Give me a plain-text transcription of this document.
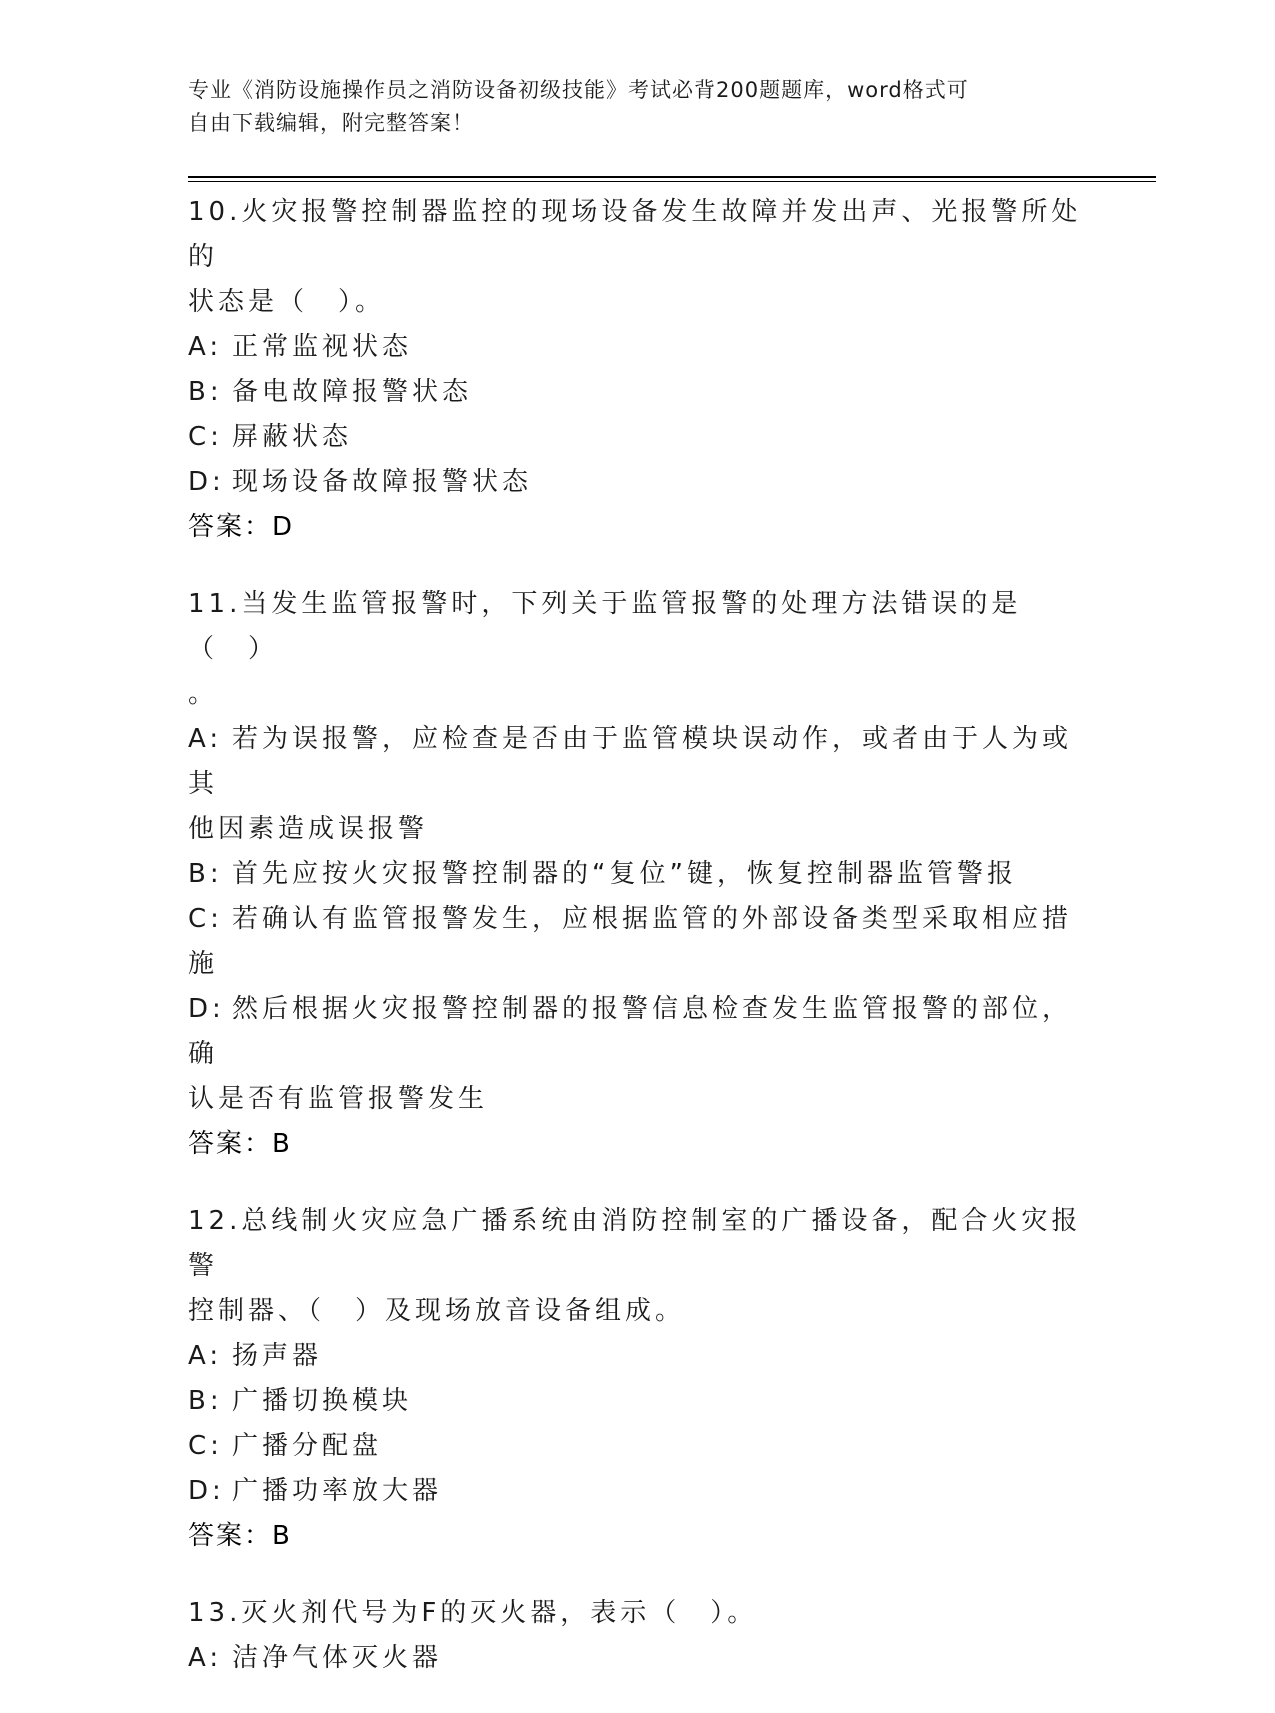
专业《消防设施操作员之消防设备初级技能》考试必背200题题库，word格式可
自由下载编辑，附完整答案！
10.火灾报警控制器监控的现场设备发生故障并发出声、光报警所处的
状态是（　）。
A: 正常监视状态
B: 备电故障报警状态
C: 屏蔽状态
D: 现场设备故障报警状态
答案：D
11.当发生监管报警时，下列关于监管报警的处理方法错误的是（　）
。
A: 若为误报警，应检查是否由于监管模块误动作，或者由于人为或其
他因素造成误报警
B: 首先应按火灾报警控制器的“复位”键，恢复控制器监管警报
C: 若确认有监管报警发生，应根据监管的外部设备类型采取相应措施
D: 然后根据火灾报警控制器的报警信息检查发生监管报警的部位，确
认是否有监管报警发生
答案：B
12.总线制火灾应急广播系统由消防控制室的广播设备，配合火灾报警
控制器、（　）及现场放音设备组成。
A: 扬声器
B: 广播切换模块
C: 广播分配盘
D: 广播功率放大器
答案：B
13.灭火剂代号为F的灭火器，表示（　）。
A: 洁净气体灭火器
